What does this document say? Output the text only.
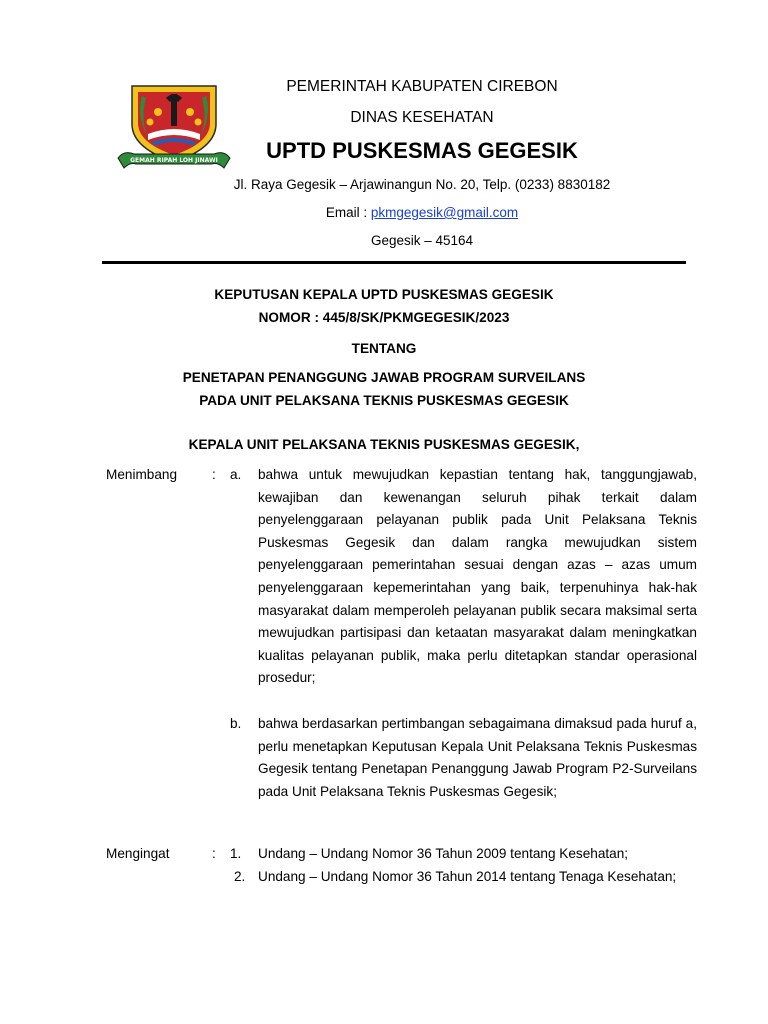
GEMAH RIPAH LOH JINAWI
PEMERINTAH KABUPATEN CIREBON
DINAS KESEHATAN
UPTD PUSKESMAS GEGESIK
Jl. Raya Gegesik – Arjawinangun No. 20, Telp. (0233) 8830182
Email : pkmgegesik@gmail.com
Gegesik – 45164
KEPUTUSAN KEPALA UPTD PUSKESMAS GEGESIK
NOMOR : 445/8/SK/PKMGEGESIK/2023
TENTANG
PENETAPAN PENANGGUNG JAWAB PROGRAM SURVEILANS
PADA UNIT PELAKSANA TEKNIS PUSKESMAS GEGESIK
KEPALA UNIT PELAKSANA TEKNIS PUSKESMAS GEGESIK,
Menimbang	: a. bahwa untuk mewujudkan kepastian tentang hak, tanggungjawab, kewajiban dan kewenangan seluruh pihak terkait dalam penyelenggaraan pelayanan publik pada Unit Pelaksana Teknis Puskesmas Gegesik dan dalam rangka mewujudkan sistem penyelenggaraan pemerintahan sesuai dengan azas – azas umum penyelenggaraan kepemerintahan yang baik, terpenuhinya hak-hak masyarakat dalam memperoleh pelayanan publik secara maksimal serta mewujudkan partisipasi dan ketaatan masyarakat dalam meningkatkan kualitas pelayanan publik, maka perlu ditetapkan standar operasional prosedur;

b. bahwa berdasarkan pertimbangan sebagaimana dimaksud pada huruf a, perlu menetapkan Keputusan Kepala Unit Pelaksana Teknis Puskesmas Gegesik tentang Penetapan Penanggung Jawab Program P2-Surveilans pada Unit Pelaksana Teknis Puskesmas Gegesik;

Mengingat	: 1. Undang – Undang Nomor 36 Tahun 2009 tentang Kesehatan;

2. Undang – Undang Nomor 36 Tahun 2014 tentang Tenaga Kesehatan;
